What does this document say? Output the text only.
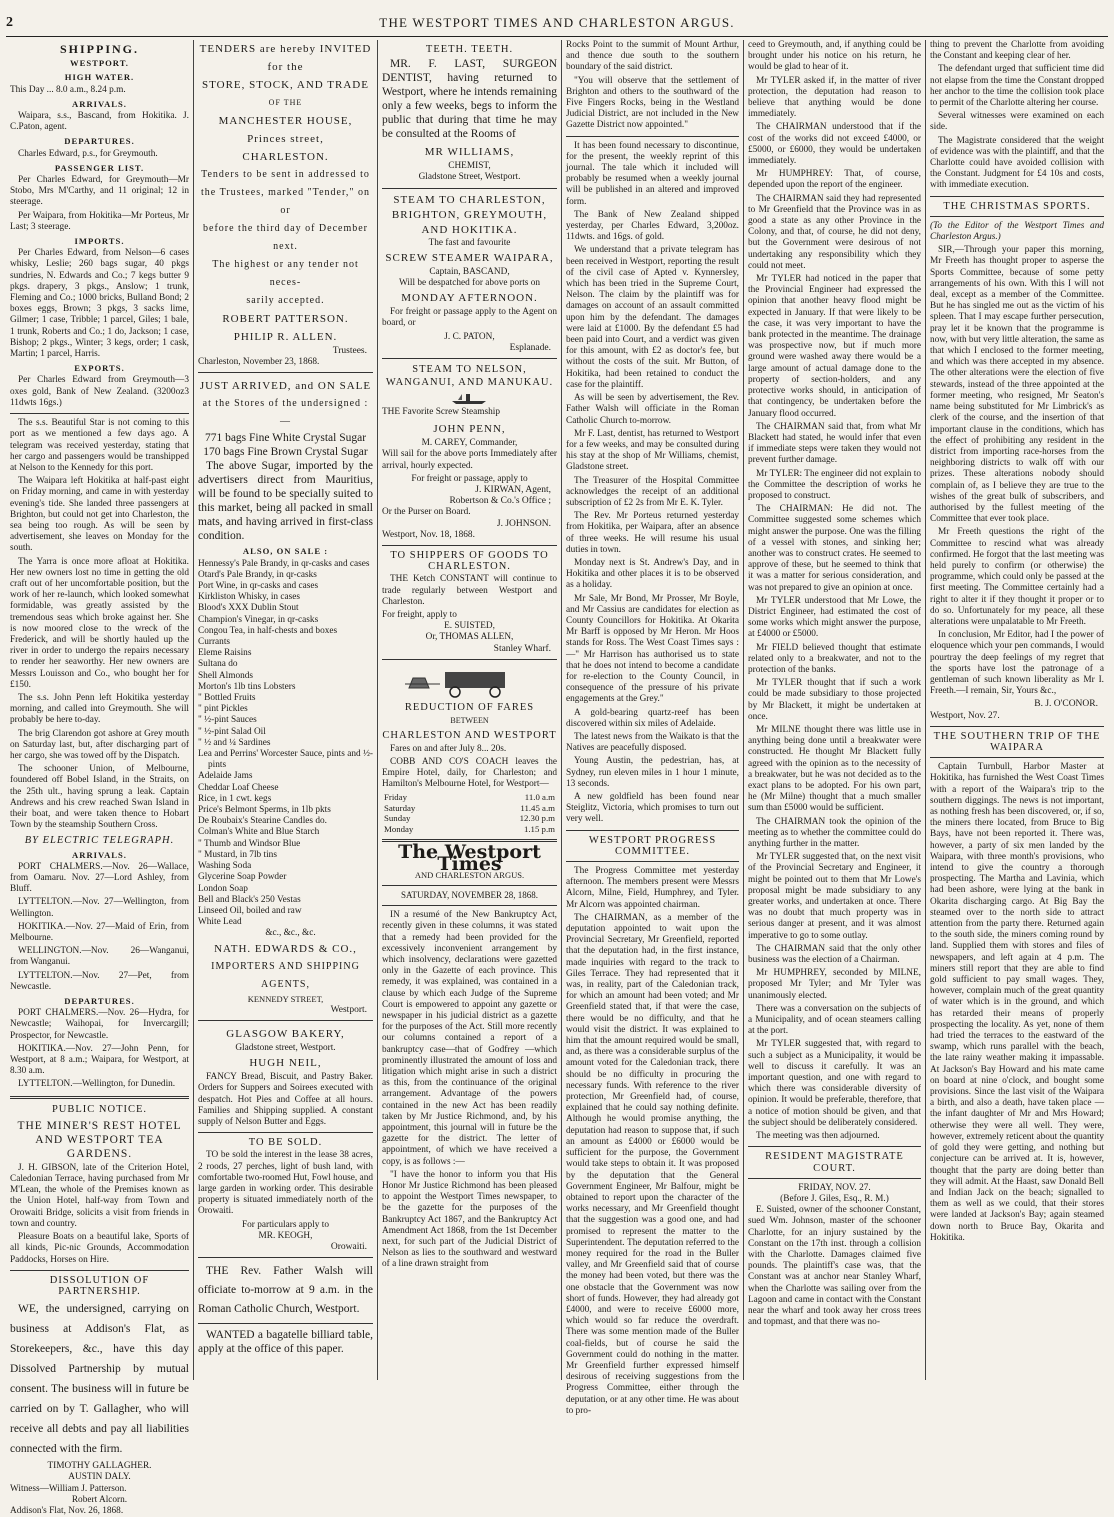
2	THE WESTPORT TIMES AND CHARLESTON ARGUS.
SHIPPING.
WESTPORT.
HIGH WATER.

This Day ... 8.0 a.m., 8.24 p.m.

ARRIVALS.

Waipara, s.s., Bascand, from Hokitika. J. C.Paton, agent.

DEPARTURES.

Charles Edward, p.s., for Greymouth.

PASSENGER LIST.

Per Charles Edward, for Greymouth—Mr Stobo, Mrs M'Carthy, and 11 original; 12 in steerage.

Per Waipara, from Hokitika—Mr Porteus, Mr Last; 3 steerage.

IMPORTS.

Per Charles Edward, from Nelson—6 cases whisky, Leslie; 260 bags sugar, 40 pkgs sundries, N. Edwards and Co.; 7 kegs butter 9 pkgs. drapery, 3 pkgs., Anslow; 1 trunk, Fleming and Co.; 1000 bricks, Bulland Bond; 2 boxes eggs, Brown; 3 pkgs, 3 sacks lime, Gilmer; 1 case, Tribble; 1 parcel, Giles; 1 bale, 1 trunk, Roberts and Co.; 1 do, Jackson; 1 case, Bishop; 2 pkgs., Winter; 3 kegs, order; 1 cask, Martin; 1 parcel, Harris.

EXPORTS.

Per Charles Edward from Greymouth—3 oxes gold, Bank of New Zealand. (3200oz3 11dwts 16gs.)

The s.s. Beautiful Star is not coming to this port as we mentioned a few days ago. A telegram was received yesterday, stating that her cargo and passengers would be transhipped at Nelson to the Kennedy for this port.

The Waipara left Hokitika at half-past eight on Friday morning, and came in with yesterday evening's tide. She landed three passengers at Brighton, but could not get into Charleston, the sea being too rough. As will be seen by advertisement, she leaves on Monday for the south.

The Yarra is once more afloat at Hokitika. Her new owners lost no time in getting the old craft out of her uncomfortable position, but the work of her re-launch, which looked somewhat formidable, was greatly assisted by the tremendous seas which broke against her. She is now moored close to the wreck of the Frederick, and will be shortly hauled up the river in order to undergo the repairs necessary to render her seaworthy. Her new owners are Messrs Louisson and Co., who bought her for £150.

The s.s. John Penn left Hokitika yesterday morning, and called into Greymouth. She will probably be here to-day.

The brig Clarendon got ashore at Grey mouth on Saturday last, but, after discharging part of her cargo, she was towed off by the Dispatch.

The schooner Union, of Melbourne, foundered off Bobel Island, in the Straits, on the 25th ult., having sprung a leak. Captain Andrews and his crew reached Swan Island in their boat, and were taken thence to Hobart Town by the steamship Southern Cross.

BY ELECTRIC TELEGRAPH.
ARRIVALS.

PORT CHALMERS.—Nov. 26—Wallace, from Oamaru. Nov. 27—Lord Ashley, from Bluff.

LYTTELTON.—Nov. 27—Wellington, from Wellington.

HOKITIKA.—Nov. 27—Maid of Erin, from Melbourne.

WELLINGTON.—Nov. 26—Wanganui, from Wanganui.

LYTTELTON.—Nov. 27—Pet, from Newcastle.

DEPARTURES.

PORT CHALMERS.—Nov. 26—Hydra, for Newcastle; Waihopai, for Invercargill; Prospector, for Newcastle.

HOKITIKA.—Nov. 27—John Penn, for Westport, at 8 a.m.; Waipara, for Westport, at 8.30 a.m.

LYTTELTON.—Wellington, for Dunedin.

PUBLIC NOTICE.
THE MINER'S REST HOTEL AND WESTPORT TEA GARDENS.

J. H. GIBSON, late of the Criterion Hotel, Caledonian Terrace, having purchased from Mr M'Lean, the whole of the Premises known as the Union Hotel, half-way from Town and Orowaiti Bridge, solicits a visit from friends in town and country.

Pleasure Boats on a beautiful lake, Sports of all kinds, Pic-nic Grounds, Accommodation Paddocks, Horses on Hire.

DISSOLUTION OF PARTNERSHIP.

WE, the undersigned, carrying on business at Addison's Flat, as Storekeepers, &c., have this day Dissolved Partnership by mutual consent. The business will in future be carried on by T. Gallagher, who will receive all debts and pay all liabilities connected with the firm.

TIMOTHY GALLAGHER.
AUSTIN DALY.
Witness—William J. Patterson.
Robert Alcorn.
Addison's Flat, Nov. 26, 1868.
TENDERS are hereby INVITED
for the
STORE, STOCK, AND TRADE
OF THE
MANCHESTER HOUSE,
Princes street,
CHARLESTON.
Tenders to be sent in addressed to
the Trustees, marked "Tender," on or
before the third day of December next.
The highest or any tender not neces-
sarily accepted.
ROBERT PATTERSON.
PHILIP R. ALLEN.
Trustees.
Charleston, November 23, 1868.
JUST ARRIVED, and ON SALE
at the Stores of the undersigned :—
771 bags Fine White Crystal Sugar
170 bags Fine Brown Crystal Sugar

The above Sugar, imported by the advertisers direct from Mauritius, will be found to be specially suited to this market, being all packed in small mats, and having arrived in first-class condition.

ALSO, ON SALE :
Hennessy's Pale Brandy, in qr-casks and cases
Otard's Pale Brandy, in qr-casks
Port Wine, in qr-casks and cases
Kirkliston Whisky, in cases
Blood's XXX Dublin Stout
Champion's Vinegar, in qr-casks
Congou Tea, in half-chests and boxes
Currants
Eleme Raisins
Sultana do
Shell Almonds
Morton's 1lb tins Lobsters
" Bottled Fruits
" pint Pickles
" ½-pint Sauces
" ½-pint Salad Oil
" ½ and ¼ Sardines
Lea and Perrins' Worcester Sauce, pints and ½-pints
Adelaide Jams
Cheddar Loaf Cheese
Rice, in 1 cwt. kegs
Price's Belmont Sperms, in 1lb pkts
De Roubaix's Stearine Candles do.
Colman's White and Blue Starch
" Thumb and Windsor Blue
" Mustard, in 7lb tins
Washing Soda
Glycerine Soap Powder
London Soap
Bell and Black's 250 Vestas
Linseed Oil, boiled and raw
White Lead
&c., &c., &c.
NATH. EDWARDS & CO.,
IMPORTERS AND SHIPPING AGENTS,
KENNEDY STREET,
Westport.
GLASGOW BAKERY,
Gladstone street, Westport.
HUGH NEIL,

FANCY Bread, Biscuit, and Pastry Baker. Orders for Suppers and Soirees executed with despatch. Hot Pies and Coffee at all hours. Families and Shipping supplied. A constant supply of Nelson Butter and Eggs.

TO BE SOLD.

TO be sold the interest in the lease 38 acres, 2 roods, 27 perches, light of bush land, with comfortable two-roomed Hut, Fowl house, and large garden in working order. This desirable property is situated immediately north of the Orowaiti.

For particulars apply to
MR. KEOGH,
Orowaiti.

THE Rev. Father Walsh will officiate to-morrow at 9 a.m. in the Roman Catholic Church, Westport.

WANTED a bagatelle billiard table, apply at the office of this paper.

TEETH. TEETH.

MR. F. LAST, SURGEON DENTIST, having returned to Westport, where he intends remaining only a few weeks, begs to inform the public that during that time he may be consulted at the Rooms of

MR WILLIAMS,
CHEMIST,
Gladstone Street, Westport.
STEAM TO CHARLESTON, BRIGHTON, GREYMOUTH, AND HOKITIKA.
The fast and favourite
SCREW STEAMER WAIPARA,
Captain, BASCAND,
Will be despatched for above ports on
MONDAY AFTERNOON.

For freight or passage apply to the Agent on board, or

J. C. PATON,
Esplanade.
STEAM TO NELSON, WANGANUI, AND MANUKAU.

THE Favorite Screw Steamship

JOHN PENN,
M. CAREY, Commander,

Will sail for the above ports Immediately after arrival, hourly expected.

For freight or passage, apply to
J. KIRWAN, Agent,
Robertson & Co.'s Office ;
Or the Purser on Board.
J. JOHNSON.
Westport, Nov. 18, 1868.
TO SHIPPERS OF GOODS TO CHARLESTON.

THE Ketch CONSTANT will continue to trade regularly between Westport and Charleston.

For freight, apply to
E. SUISTED,
Or, THOMAS ALLEN,
Stanley Wharf.
REDUCTION OF FARES
BETWEEN
CHARLESTON AND WESTPORT

Fares on and after July 8... 20s.

COBB AND CO'S COACH leaves the Empire Hotel, daily, for Charleston; and Hamilton's Melbourne Hotel, for Westport—

Friday	11.0 a.m
Saturday	11.45 a.m
Sunday	12.30 p.m
Monday	1.15 p.m
The Westport Times
AND CHARLESTON ARGUS.
SATURDAY, NOVEMBER 28, 1868.

IN a resumé of the New Bankruptcy Act, recently given in these columns, it was stated that a remedy had been provided for the excessively inconvenient arrangement by which insolvency, declarations were gazetted only in the Gazette of each province. This remedy, it was explained, was contained in a clause by which each Judge of the Supreme Court is empowered to appoint any gazette or newspaper in his judicial district as a gazette for the purposes of the Act. Still more recently our columns contained a report of a bankruptcy case—that of Godfrey —which prominently illustrated the amount of loss and litigation which might arise in such a district as this, from the continuance of the original arrangement. Advantage of the powers contained in the new Act has been readily taken by Mr Justice Richmond, and, by his appointment, this journal will in future be the gazette for the district. The letter of appointment, of which we have received a copy, is as follows :—

"I have the honor to inform you that His Honor Mr Justice Richmond has been pleased to appoint the Westport Times newspaper, to be the gazette for the purposes of the Bankruptcy Act 1867, and the Bankruptcy Act Amendment Act 1868, from the 1st December next, for such part of the Judicial District of Nelson as lies to the southward and westward of a line drawn straight from

Rocks Point to the summit of Mount Arthur, and thence due south to the southern boundary of the said district.

"You will observe that the settlement of Brighton and others to the southward of the Five Fingers Rocks, being in the Westland Judicial District, are not included in the New Gazette District now appointed."

It has been found necessary to discontinue, for the present, the weekly reprint of this journal. The tale which it included will probably be resumed when a weekly journal will be published in an altered and improved form.

The Bank of New Zealand shipped yesterday, per Charles Edward, 3,200oz. 11dwts. and 16gs. of gold.

We understand that a private telegram has been received in Westport, reporting the result of the civil case of Apted v. Kynnersley, which has been tried in the Supreme Court, Nelson. The claim by the plaintiff was for damages on account of an assault committed upon him by the defendant. The damages were laid at £1000. By the defendant £5 had been paid into Court, and a verdict was given for this amount, with £2 as doctor's fee, but without the costs of the suit. Mr Button, of Hokitika, had been retained to conduct the case for the plaintiff.

As will be seen by advertisement, the Rev. Father Walsh will officiate in the Roman Catholic Church to-morrow.

Mr F. Last, dentist, has returned to Westport for a few weeks, and may be consulted during his stay at the shop of Mr Williams, chemist, Gladstone street.

The Treasurer of the Hospital Committee acknowledges the receipt of an additional subscription of £2 2s from Mr E. K. Tyler.

The Rev. Mr Porteus returned yesterday from Hokitika, per Waipara, after an absence of three weeks. He will resume his usual duties in town.

Monday next is St. Andrew's Day, and in Hokitika and other places it is to be observed as a holiday.

Mr Sale, Mr Bond, Mr Prosser, Mr Boyle, and Mr Cassius are candidates for election as County Councillors for Hokitika. At Okarita Mr Barff is opposed by Mr Heron. Mr Hoos stands for Ross. The West Coast Times says :—" Mr Harrison has authorised us to state that he does not intend to become a candidate for re-election to the County Council, in consequence of the pressure of his private engagements at the Grey."

A gold-bearing quartz-reef has been discovered within six miles of Adelaide.

The latest news from the Waikato is that the Natives are peacefully disposed.

Young Austin, the pedestrian, has, at Sydney, run eleven miles in 1 hour 1 minute, 13 seconds.

A new goldfield has been found near Steiglitz, Victoria, which promises to turn out very well.

WESTPORT PROGRESS COMMITTEE.

The Progress Committee met yesterday afternoon. The members present were Messrs Alcorn, Milne, Field, Humphrey, and Tyler. Mr Alcorn was appointed chairman.

The CHAIRMAN, as a member of the deputation appointed to wait upon the Provincial Secretary, Mr Greenfield, reported that the deputation had, in the first instance, made inquiries with regard to the track to Giles Terrace. They had represented that it was, in reality, part of the Caledonian track, for which an amount had been voted; and Mr Greenfield stated that, if that were the case, there would be no difficulty, and that he would visit the district. It was explained to him that the amount required would be small, and, as there was a considerable surplus of the amount voted for the Caledonian track, there should be no difficulty in procuring the necessary funds. With reference to the river protection, Mr Greenfield had, of course, explained that he could say nothing definite. Although he would promise anything, the deputation had reason to suppose that, if such an amount as £4000 or £6000 would be sufficient for the purpose, the Government would take steps to obtain it. It was proposed by the deputation that the General Government Engineer, Mr Balfour, might be obtained to report upon the character of the works necessary, and Mr Greenfield thought that the suggestion was a good one, and had promised to represent the matter to the Superintendent. The deputation referred to the money required for the road in the Buller valley, and Mr Greenfield said that of course the money had been voted, but there was the one obstacle that the Government was now short of funds. However, they had already got £4000, and were to receive £6000 more, which would so far reduce the overdraft. There was some mention made of the Buller coal-fields, but of course he said the Government could do nothing in the matter. Mr Greenfield further expressed himself desirous of receiving suggestions from the Progress Committee, either through the deputation, or at any other time. He was about to pro-

ceed to Greymouth, and, if anything could be brought under his notice on his return, he would be glad to hear of it.

Mr TYLER asked if, in the matter of river protection, the deputation had reason to believe that anything would be done immediately.

The CHAIRMAN understood that if the cost of the works did not exceed £4000, or £5000, or £6000, they would be undertaken immediately.

Mr HUMPHREY: That, of course, depended upon the report of the engineer.

The CHAIRMAN said they had represented to Mr Greenfield that the Province was in as good a state as any other Province in the Colony, and that, of course, he did not deny, but the Government were desirous of not undertaking any responsibility which they could not meet.

Mr TYLER had noticed in the paper that the Provincial Engineer had expressed the opinion that another heavy flood might be expected in January. If that were likely to be the case, it was very important to have the bank protected in the meantime. The drainage was prospective now, but if much more ground were washed away there would be a large amount of actual damage done to the property of section-holders, and any protective works should, in anticipation of that contingency, be undertaken before the January flood occurred.

The CHAIRMAN said that, from what Mr Blackett had stated, he would infer that even if immediate steps were taken they would not prevent further damage.

Mr TYLER: The engineer did not explain to the Committee the description of works he proposed to construct.

The CHAIRMAN: He did not. The Committee suggested some schemes which might answer the purpose. One was the filling of a vessel with stones, and sinking her; another was to construct crates. He seemed to approve of these, but he seemed to think that it was a matter for serious consideration, and was not prepared to give an opinion at once.

Mr TYLER understood that Mr Lowe, the District Engineer, had estimated the cost of some works which might answer the purpose, at £4000 or £5000.

Mr FIELD believed thought that estimate related only to a breakwater, and not to the protection of the banks.

Mr TYLER thought that if such a work could be made subsidiary to those projected by Mr Blackett, it might be undertaken at once.

Mr MILNE thought there was little use in anything being done until a breakwater were constructed. He thought Mr Blackett fully agreed with the opinion as to the necessity of a breakwater, but he was not decided as to the exact plans to be adopted. For his own part, he (Mr Milne) thought that a much smaller sum than £5000 would be sufficient.

The CHAIRMAN took the opinion of the meeting as to whether the committee could do anything further in the matter.

Mr TYLER suggested that, on the next visit of the Provincial Secretary and Engineer, it might be pointed out to them that Mr Lowe's proposal might be made subsidiary to any greater works, and undertaken at once. There was no doubt that much property was in serious danger at present, and it was almost imperative to go to some outlay.

The CHAIRMAN said that the only other business was the election of a Chairman.

Mr HUMPHREY, seconded by MILNE, proposed Mr Tyler; and Mr Tyler was unanimously elected.

There was a conversation on the subjects of a Municipality, and of ocean steamers calling at the port.

Mr TYLER suggested that, with regard to such a subject as a Municipality, it would be well to discuss it carefully. It was an important question, and one with regard to which there was considerable diversity of opinion. It would be preferable, therefore, that a notice of motion should be given, and that the subject should be deliberately considered.

The meeting was then adjourned.

RESIDENT MAGISTRATE COURT.
FRIDAY, NOV. 27.
(Before J. Giles, Esq., R. M.)

E. Suisted, owner of the schooner Constant, sued Wm. Johnson, master of the schooner Charlotte, for an injury sustained by the Constant on the 17th inst. through a collision with the Charlotte. Damages claimed five pounds. The plaintiff's case was, that the Constant was at anchor near Stanley Wharf, when the Charlotte was sailing over from the Lagoon and came in contact with the Constant near the wharf and took away her cross trees and topmast, and that there was no-

thing to prevent the Charlotte from avoiding the Constant and keeping clear of her.

The defendant urged that sufficient time did not elapse from the time the Constant dropped her anchor to the time the collision took place to permit of the Charlotte altering her course.

Several witnesses were examined on each side.

The Magistrate considered that the weight of evidence was with the plaintiff, and that the Charlotte could have avoided collision with the Constant. Judgment for £4 10s and costs, with immediate execution.

THE CHRISTMAS SPORTS.

(To the Editor of the Westport Times and Charleston Argus.)

SIR,—Through your paper this morning, Mr Freeth has thought proper to asperse the Sports Committee, because of some petty arrangements of his own. With this I will not deal, except as a member of the Committee. But he has singled me out as the victim of his spleen. That I may escape further persecution, pray let it be known that the programme is now, with but very little alteration, the same as that which I enclosed to the former meeting, and which was there accepted in my absence. The other alterations were the election of five stewards, instead of the three appointed at the former meeting, who resigned, Mr Seaton's name being substituted for Mr Limbrick's as clerk of the course, and the insertion of that important clause in the conditions, which has the effect of prohibiting any resident in the district from importing race-horses from the neighboring districts to walk off with our prizes. These alterations nobody should complain of, as I believe they are true to the wishes of the great bulk of subscribers, and authorised by the fullest meeting of the Committee that ever took place.

Mr Freeth questions the right of the Committee to rescind what was already confirmed. He forgot that the last meeting was held purely to confirm (or otherwise) the programme, which could only be passed at the first meeting. The Committee certainly had a right to alter it if they thought it proper or to do so. Unfortunately for my peace, all these alterations were unpalatable to Mr Freeth.

In conclusion, Mr Editor, had I the power of eloquence which your pen commands, I would pourtray the deep feelings of my regret that the sports have lost the patronage of a gentleman of such known liberality as Mr I. Freeth.—I remain, Sir, Yours &c.,

B. J. O'CONOR.
Westport, Nov. 27.
THE SOUTHERN TRIP OF THE WAIPARA

Captain Turnbull, Harbor Master at Hokitika, has furnished the West Coast Times with a report of the Waipara's trip to the southern diggings. The news is not important, as nothing fresh has been discovered, or, if so, the miners there located, from Bruce to Big Bays, have not been reported it. There was, however, a party of six men landed by the Waipara, with three month's provisions, who intend to give the country a thorough prospecting. The Martha and Lavinia, which had been ashore, were lying at the bank in Okarita discharging cargo. At Big Bay the steamed over to the north side to attract attention from the party there. Returned again to the south side, the miners coming round by land. Supplied them with stores and files of newspapers, and left again at 4 p.m. The miners still report that they are able to find gold sufficient to pay small wages. They, however, complain much of the great quantity of water which is in the ground, and which has retarded their means of properly prospecting the locality. As yet, none of them had tried the terraces to the eastward of the swamp, which runs parallel with the beach, the late rainy weather making it impassable. At Jackson's Bay Howard and his mate came on board at nine o'clock, and bought some provisions. Since the last visit of the Waipara a birth, and also a death, have taken place —the infant daughter of Mr and Mrs Howard; otherwise they were all well. They were, however, extremely reticent about the quantity of gold they were getting, and nothing but conjecture can be arrived at. It is, however, thought that the party are doing better than they will admit. At the Haast, saw Donald Bell and Indian Jack on the beach; signalled to them as well as we could, that their stores were landed at Jackson's Bay; again steamed down north to Bruce Bay, Okarita and Hokitika.
